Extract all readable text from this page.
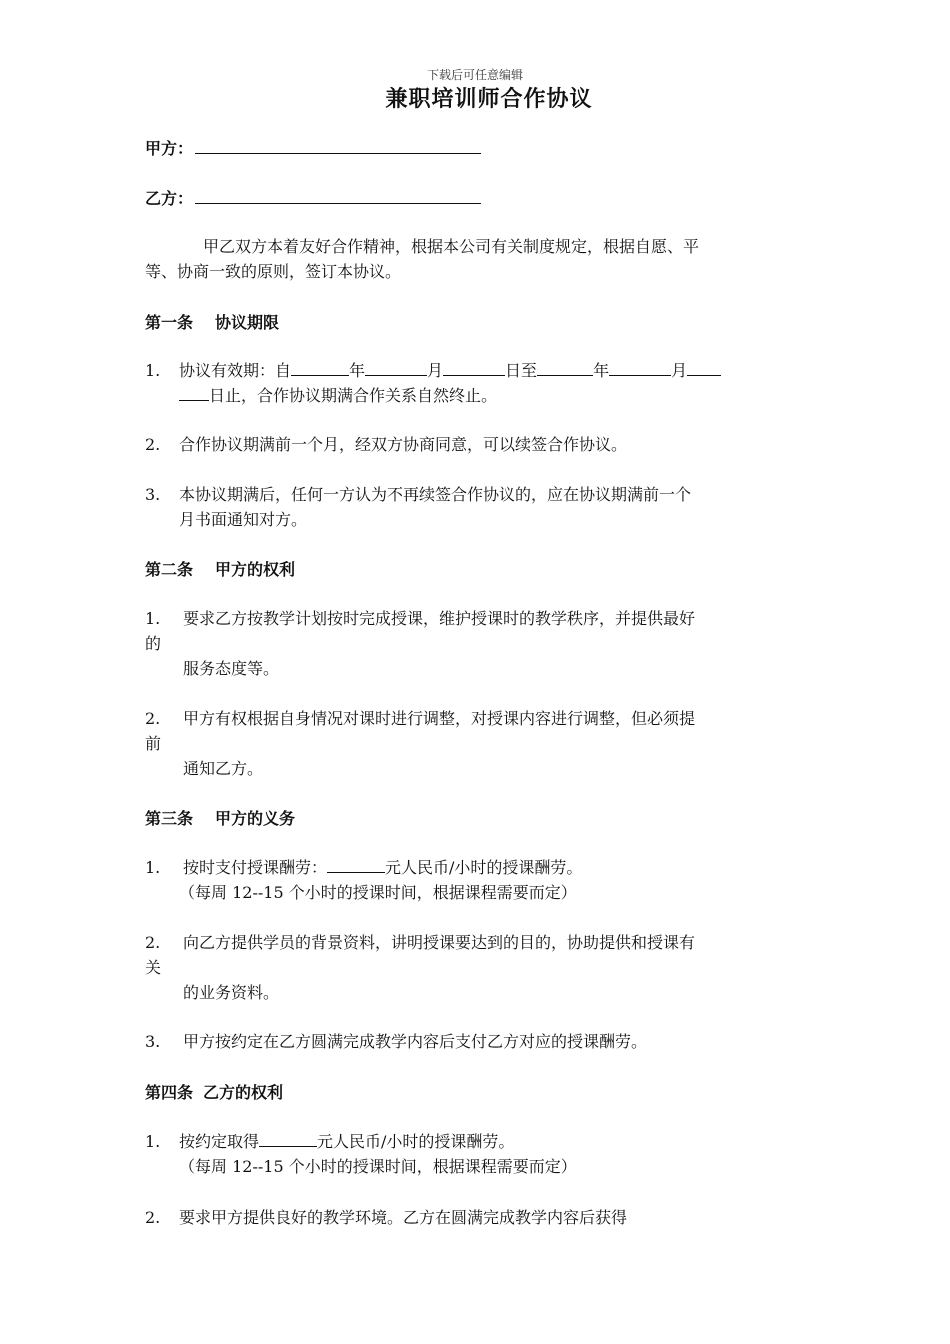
下载后可任意编辑
兼职培训师合作协议
甲方：
乙方：
甲乙双方本着友好合作精神，根据本公司有关制度规定，根据自愿、平
等、协商一致的原则，签订本协议。
第一条 协议期限
1. 协议有效期：自	年	月	日至	年	月
日止，合作协议期满合作关系自然终止。
2. 合作协议期满前一个月，经双方协商同意，可以续签合作协议。
3. 本协议期满后，任何一方认为不再续签合作协议的，应在协议期满前一个
月书面通知对方。
第二条 甲方的权利
1. 要求乙方按教学计划按时完成授课，维护授课时的教学秩序，并提供最好
的
服务态度等。
2. 甲方有权根据自身情况对课时进行调整，对授课内容进行调整，但必须提
前
通知乙方。
第三条 甲方的义务
1. 按时支付授课酬劳：	元人民币/小时的授课酬劳。
（每周 12--15 个小时的授课时间，根据课程需要而定）
2. 向乙方提供学员的背景资料，讲明授课要达到的目的，协助提供和授课有
关
的业务资料。
3. 甲方按约定在乙方圆满完成教学内容后支付乙方对应的授课酬劳。
第四条 乙方的权利
1. 按约定取得	元人民币/小时的授课酬劳。
（每周 12--15 个小时的授课时间，根据课程需要而定）
2. 要求甲方提供良好的教学环境。乙方在圆满完成教学内容后获得
